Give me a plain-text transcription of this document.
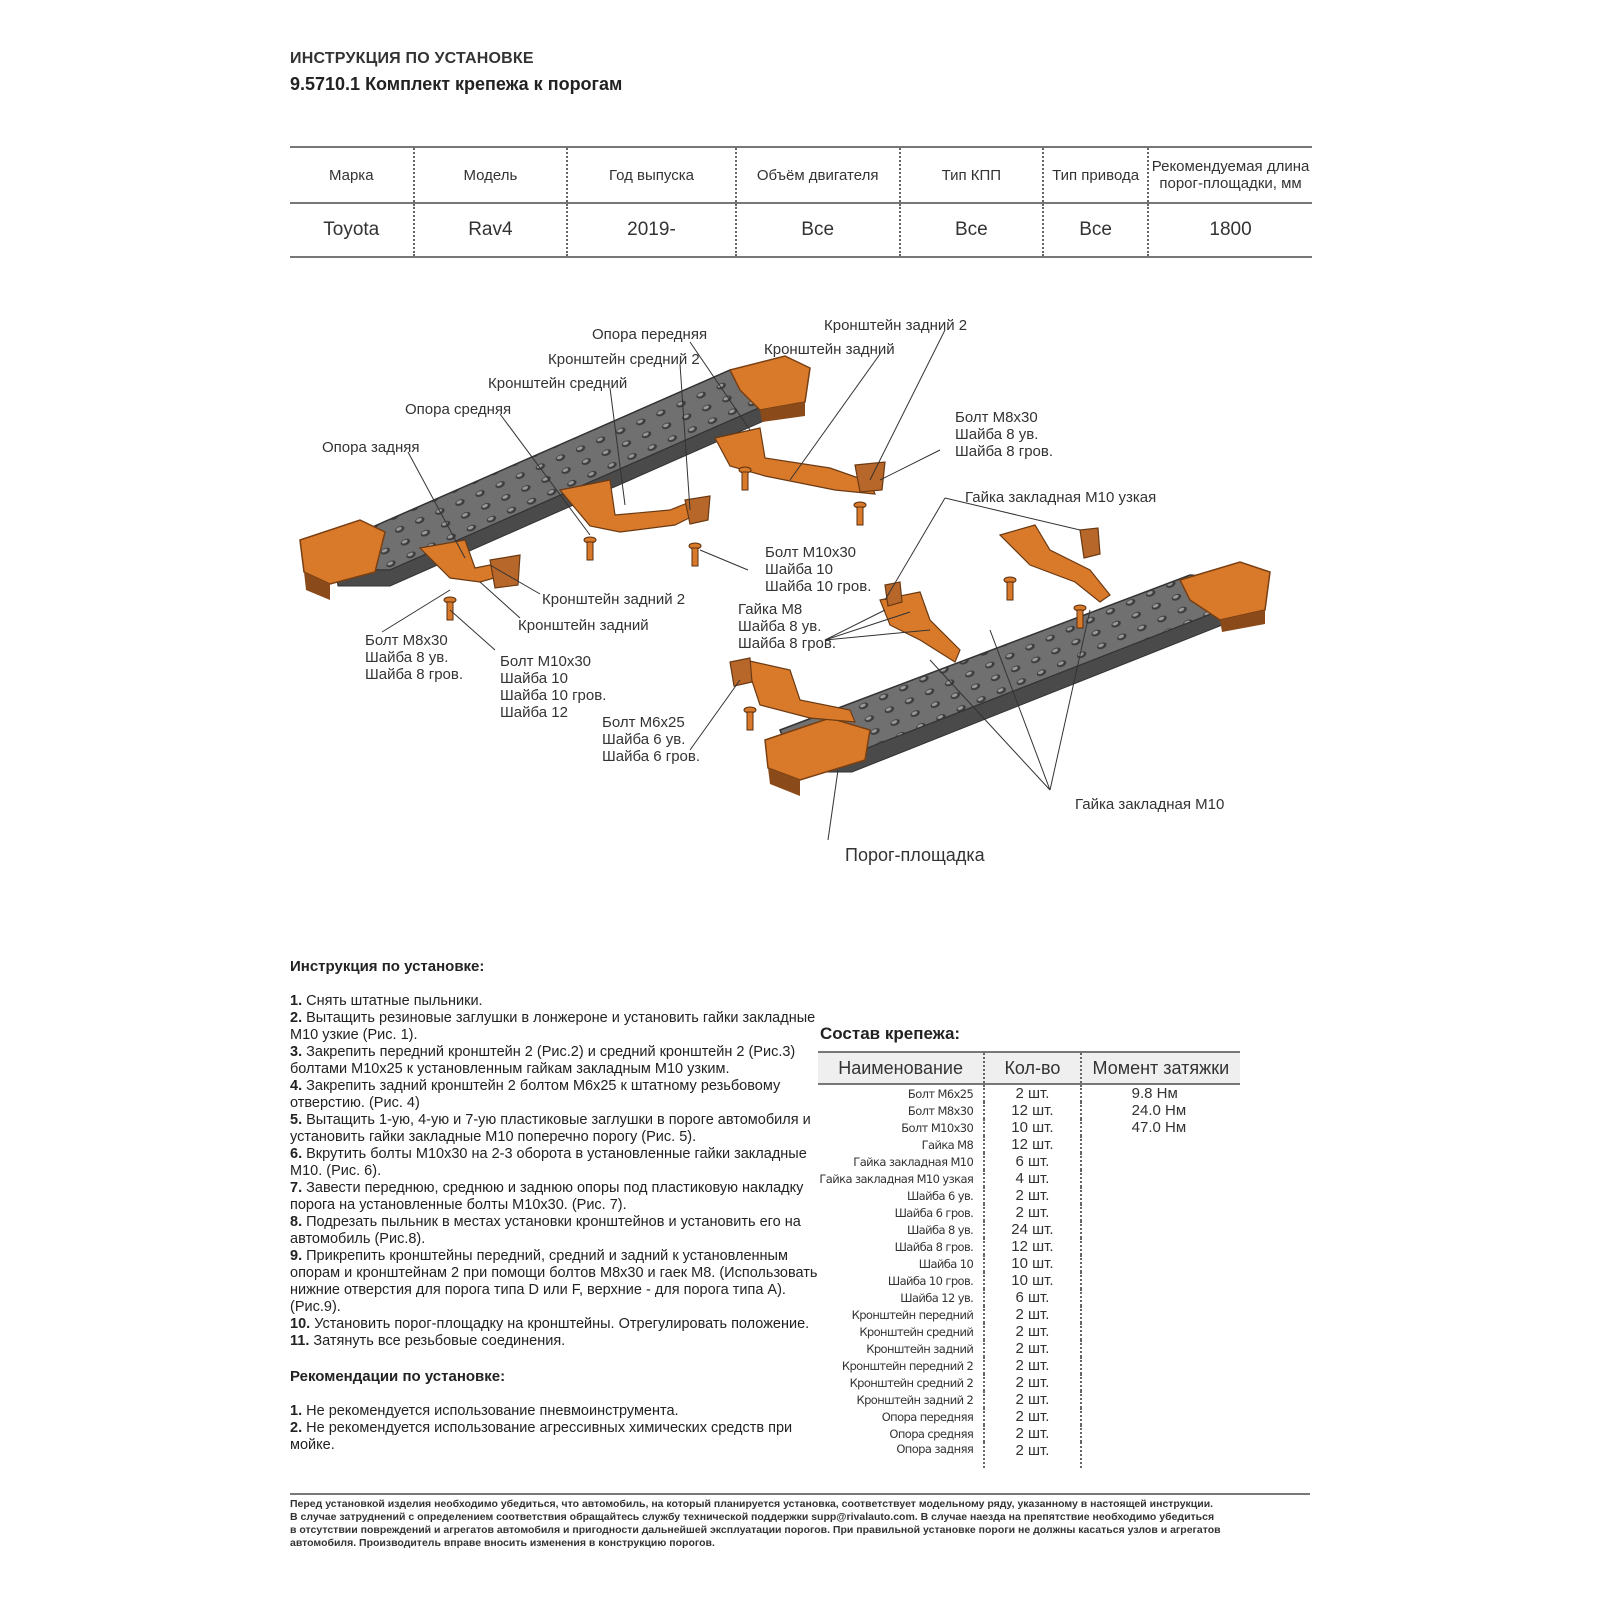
ИНСТРУКЦИЯ ПО УСТАНОВКЕ
9.5710.1 Комплект крепежа к порогам
Марка	Модель	Год выпуска	Объём двигателя	Тип КПП	Тип привода	Рекомендуемая длина порог-площадки, мм
Toyota	Rav4	2019-	Все	Все	Все	1800
Опора передняя
Кронштейн средний 2
Кронштейн средний
Опора средняя
Опора задняя
Кронштейн задний 2
Кронштейн задний
Болт М8х30
Шайба 8 ув.
Шайба 8 гров.
Гайка закладная М10 узкая
Болт М10х30
Шайба 10
Шайба 10 гров.
Кронштейн задний 2
Кронштейн задний
Гайка М8
Шайба 8 ув.
Шайба 8 гров.
Болт М8х30
Шайба 8 ув.
Шайба 8 гров.
Болт М10х30
Шайба 10
Шайба 10 гров.
Шайба 12
Болт М6х25
Шайба 6 ув.
Шайба 6 гров.
Гайка закладная М10
Порог-площадка
Инструкция по установке:
1. Снять штатные пыльники.
2. Вытащить резиновые заглушки в лонжероне и установить гайки закладные М10 узкие (Рис. 1).
3. Закрепить передний кронштейн 2 (Рис.2) и средний кронштейн 2 (Рис.3) болтами М10х25 к установленным гайкам закладным М10 узким.
4. Закрепить задний кронштейн 2 болтом М6х25 к штатному резьбовому отверстию. (Рис. 4)
5. Вытащить 1-ую, 4-ую и 7-ую пластиковые заглушки в пороге автомобиля и установить гайки закладные М10 поперечно порогу (Рис. 5).
6. Вкрутить болты М10х30 на 2-3 оборота в установленные гайки закладные М10. (Рис. 6).
7. Завести переднюю, среднюю и заднюю опоры под пластиковую накладку порога на установленные болты М10х30. (Рис. 7).
8. Подрезать пыльник в местах установки кронштейнов и установить его на автомобиль (Рис.8).
9. Прикрепить кронштейны передний, средний и задний к установленным опорам и кронштейнам 2 при помощи болтов М8х30 и гаек М8. (Использовать нижние отверстия для порога типа D или F, верхние - для порога типа А). (Рис.9).
10. Установить порог-площадку на кронштейны. Отрегулировать положение.
11. Затянуть все резьбовые соединения.
Рекомендации по установке:
1. Не рекомендуется использование пневмоинструмента.
2. Не рекомендуется использование агрессивных химических средств при мойке.
Состав крепежа:
Наименование	Кол-во	Момент затяжки
Болт М6х25	2 шт.	9.8 Нм
Болт М8х30	12 шт.	24.0 Нм
Болт М10х30	10 шт.	47.0 Нм
Гайка М8	12 шт.	
Гайка закладная М10	6 шт.	
Гайка закладная М10 узкая	4 шт.	
Шайба 6 ув.	2 шт.	
Шайба 6 гров.	2 шт.	
Шайба 8 ув.	24 шт.	
Шайба 8 гров.	12 шт.	
Шайба 10	10 шт.	
Шайба 10 гров.	10 шт.	
Шайба 12 ув.	6 шт.	
Кронштейн передний	2 шт.	
Кронштейн средний	2 шт.	
Кронштейн задний	2 шт.	
Кронштейн передний 2	2 шт.	
Кронштейн средний 2	2 шт.	
Кронштейн задний 2	2 шт.	
Опора передняя	2 шт.	
Опора средняя	2 шт.	
Опора задняя	2 шт.	
Перед установкой изделия необходимо убедиться, что автомобиль, на который планируется установка, соответствует модельному ряду, указанному в настоящей инструкции.
В случае затруднений с определением соответствия обращайтесь службу технической поддержки supp@rivalauto.com. В случае наезда на препятствие необходимо убедиться
в отсутствии повреждений и агрегатов автомобиля и пригодности дальнейшей эксплуатации порогов. При правильной установке пороги не должны касаться узлов и агрегатов
автомобиля. Производитель вправе вносить изменения в конструкцию порогов.
